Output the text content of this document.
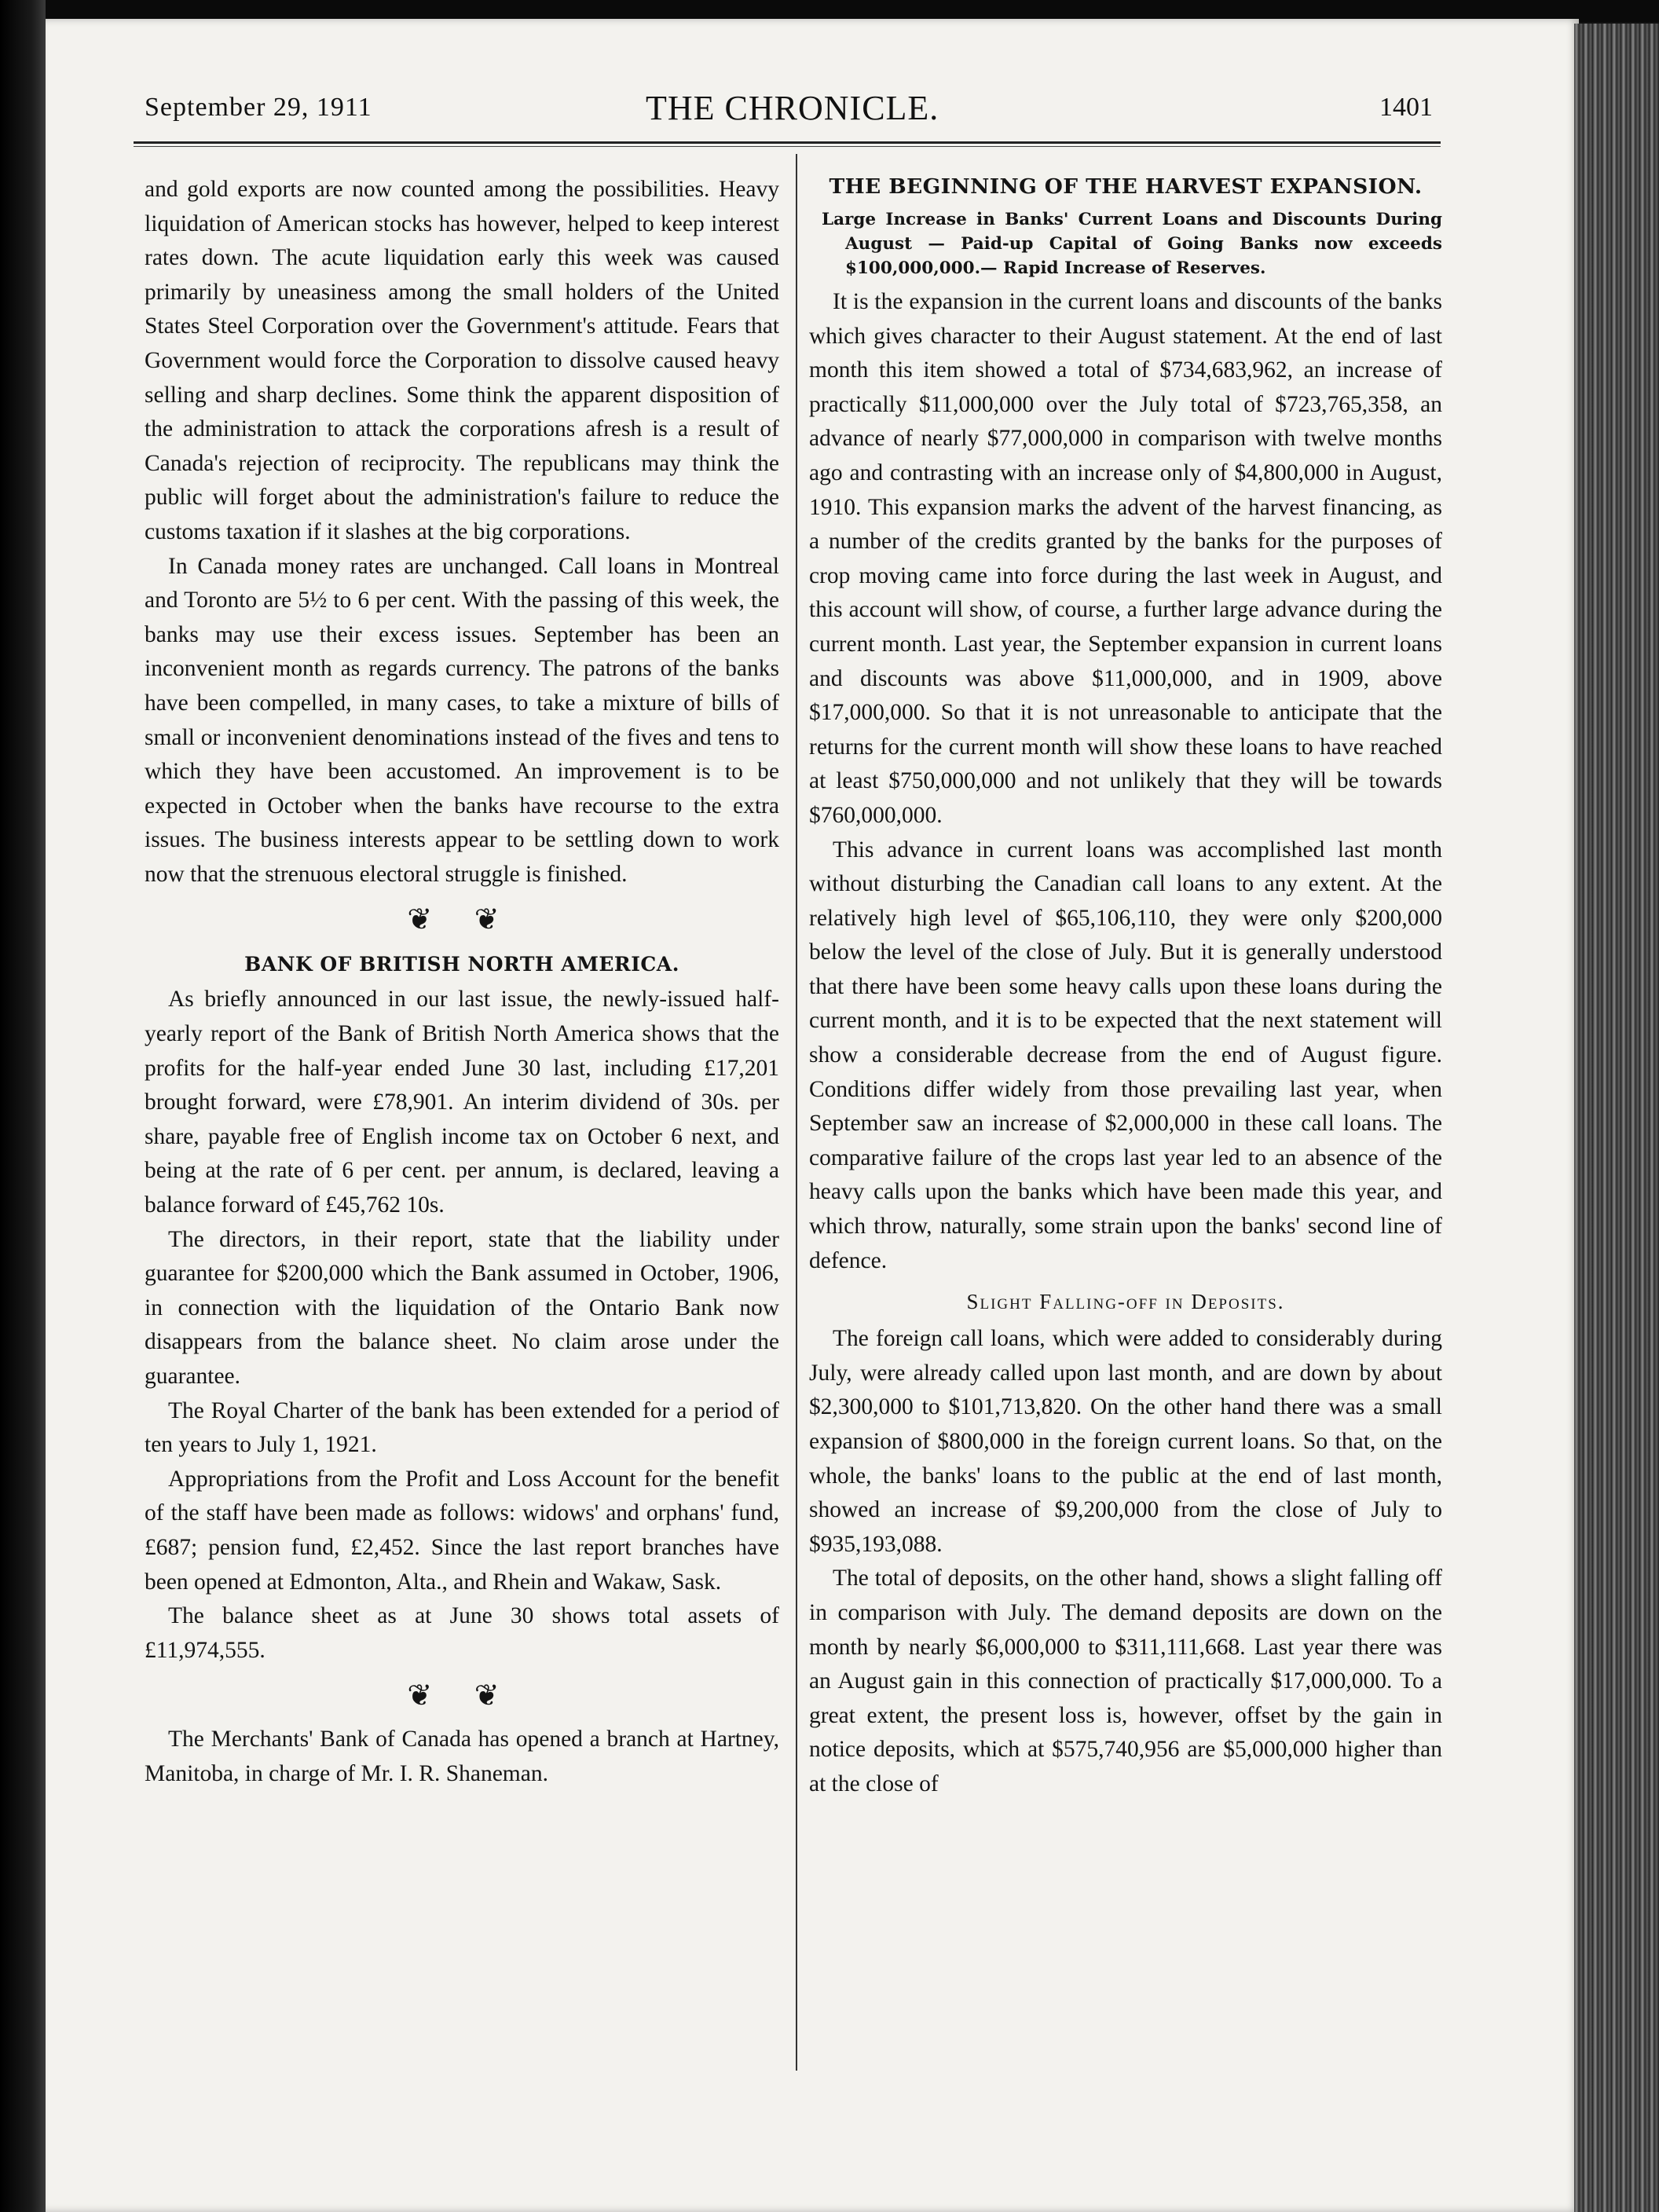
September 29, 1911	THE CHRONICLE.	1401

and gold exports are now counted among the possibilities. Heavy liquidation of American stocks has however, helped to keep interest rates down. The acute liquidation early this week was caused primarily by uneasiness among the small holders of the United States Steel Corporation over the Government's attitude. Fears that Government would force the Corporation to dissolve caused heavy selling and sharp declines. Some think the apparent disposition of the administration to attack the corporations afresh is a result of Canada's rejection of reciprocity. The republicans may think the public will forget about the administration's failure to reduce the customs taxation if it slashes at the big corporations.

In Canada money rates are unchanged. Call loans in Montreal and Toronto are 5½ to 6 per cent. With the passing of this week, the banks may use their excess issues. September has been an inconvenient month as regards currency. The patrons of the banks have been compelled, in many cases, to take a mixture of bills of small or inconvenient denominations instead of the fives and tens to which they have been accustomed. An improvement is to be expected in October when the banks have recourse to the extra issues. The business interests appear to be settling down to work now that the strenuous electoral struggle is finished.

❦ ❦
BANK OF BRITISH NORTH AMERICA.

As briefly announced in our last issue, the newly-issued half-yearly report of the Bank of British North America shows that the profits for the half-year ended June 30 last, including £17,201 brought forward, were £78,901. An interim dividend of 30s. per share, payable free of English income tax on October 6 next, and being at the rate of 6 per cent. per annum, is declared, leaving a balance forward of £45,762 10s.

The directors, in their report, state that the liability under guarantee for $200,000 which the Bank assumed in October, 1906, in connection with the liquidation of the Ontario Bank now disappears from the balance sheet. No claim arose under the guarantee.

The Royal Charter of the bank has been extended for a period of ten years to July 1, 1921.

Appropriations from the Profit and Loss Account for the benefit of the staff have been made as follows: widows' and orphans' fund, £687; pension fund, £2,452. Since the last report branches have been opened at Edmonton, Alta., and Rhein and Wakaw, Sask.

The balance sheet as at June 30 shows total assets of £11,974,555.

❦ ❦

The Merchants' Bank of Canada has opened a branch at Hartney, Manitoba, in charge of Mr. I. R. Shaneman.

THE BEGINNING OF THE HARVEST EXPANSION.
Large Increase in Banks' Current Loans and Discounts During August — Paid-up Capital of Going Banks now exceeds $100,000,000.— Rapid Increase of Reserves.

It is the expansion in the current loans and discounts of the banks which gives character to their August statement. At the end of last month this item showed a total of $734,683,962, an increase of practically $11,000,000 over the July total of $723,765,358, an advance of nearly $77,000,000 in comparison with twelve months ago and contrasting with an increase only of $4,800,000 in August, 1910. This expansion marks the advent of the harvest financing, as a number of the credits granted by the banks for the purposes of crop moving came into force during the last week in August, and this account will show, of course, a further large advance during the current month. Last year, the September expansion in current loans and discounts was above $11,000,000, and in 1909, above $17,000,000. So that it is not unreasonable to anticipate that the returns for the current month will show these loans to have reached at least $750,000,000 and not unlikely that they will be towards $760,000,000.

This advance in current loans was accomplished last month without disturbing the Canadian call loans to any extent. At the relatively high level of $65,106,110, they were only $200,000 below the level of the close of July. But it is generally understood that there have been some heavy calls upon these loans during the current month, and it is to be expected that the next statement will show a considerable decrease from the end of August figure. Conditions differ widely from those prevailing last year, when September saw an increase of $2,000,000 in these call loans. The comparative failure of the crops last year led to an absence of the heavy calls upon the banks which have been made this year, and which throw, naturally, some strain upon the banks' second line of defence.

Slight Falling-off in Deposits.

The foreign call loans, which were added to considerably during July, were already called upon last month, and are down by about $2,300,000 to $101,713,820. On the other hand there was a small expansion of $800,000 in the foreign current loans. So that, on the whole, the banks' loans to the public at the end of last month, showed an increase of $9,200,000 from the close of July to $935,193,088.

The total of deposits, on the other hand, shows a slight falling off in comparison with July. The demand deposits are down on the month by nearly $6,000,000 to $311,111,668. Last year there was an August gain in this connection of practically $17,000,000. To a great extent, the present loss is, however, offset by the gain in notice deposits, which at $575,740,956 are $5,000,000 higher than at the close of
